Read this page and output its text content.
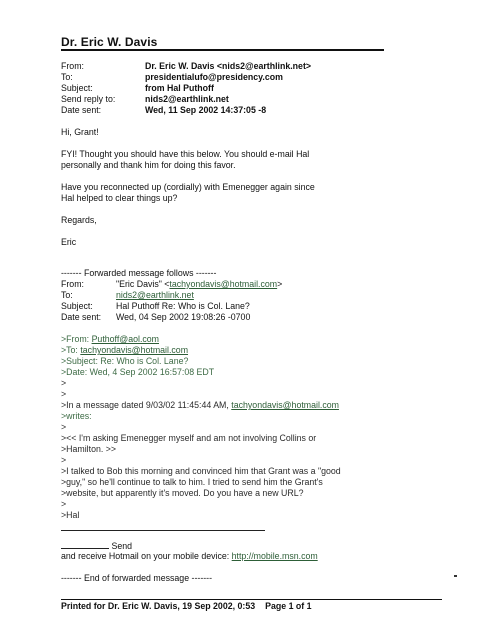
Dr. Eric W. Davis
From:	Dr. Eric W. Davis <nids2@earthlink.net>
To:	presidentialufo@presidency.com
Subject:	from Hal Puthoff
Send reply to:	nids2@earthlink.net
Date sent:	Wed, 11 Sep 2002 14:37:05 -8
Hi, Grant!
FYI! Thought you should have this below. You should e-mail Hal
personally and thank him for doing this favor.
Have you reconnected up (cordially) with Emenegger again since
Hal helped to clear things up?
Regards,
Eric
------- Forwarded message follows -------
From:	"Eric Davis" <tachyondavis@hotmail.com>
To:	nids2@earthlink.net
Subject:	Hal Puthoff Re: Who is Col. Lane?
Date sent: Wed, 04 Sep 2002 19:08:26 -0700
>From: Puthoff@aol.com
>To: tachyondavis@hotmail.com
>Subject: Re: Who is Col. Lane?
>Date: Wed, 4 Sep 2002 16:57:08 EDT
>
>
>In a message dated 9/03/02 11:45:44 AM, tachyondavis@hotmail.com
>writes:
>
><< I'm asking Emenegger myself and am not involving Collins or
>Hamilton. >>
>
>I talked to Bob this morning and convinced him that Grant was a "good
>guy," so he'll continue to talk to him. I tried to send him the Grant's
>website, but apparently it's moved. Do you have a new URL?
>
>Hal
Send
and receive Hotmail on your mobile device: http://mobile.msn.com
------- End of forwarded message -------
Printed for Dr. Eric W. Davis, 19 Sep 2002, 0:53 Page 1 of 1
